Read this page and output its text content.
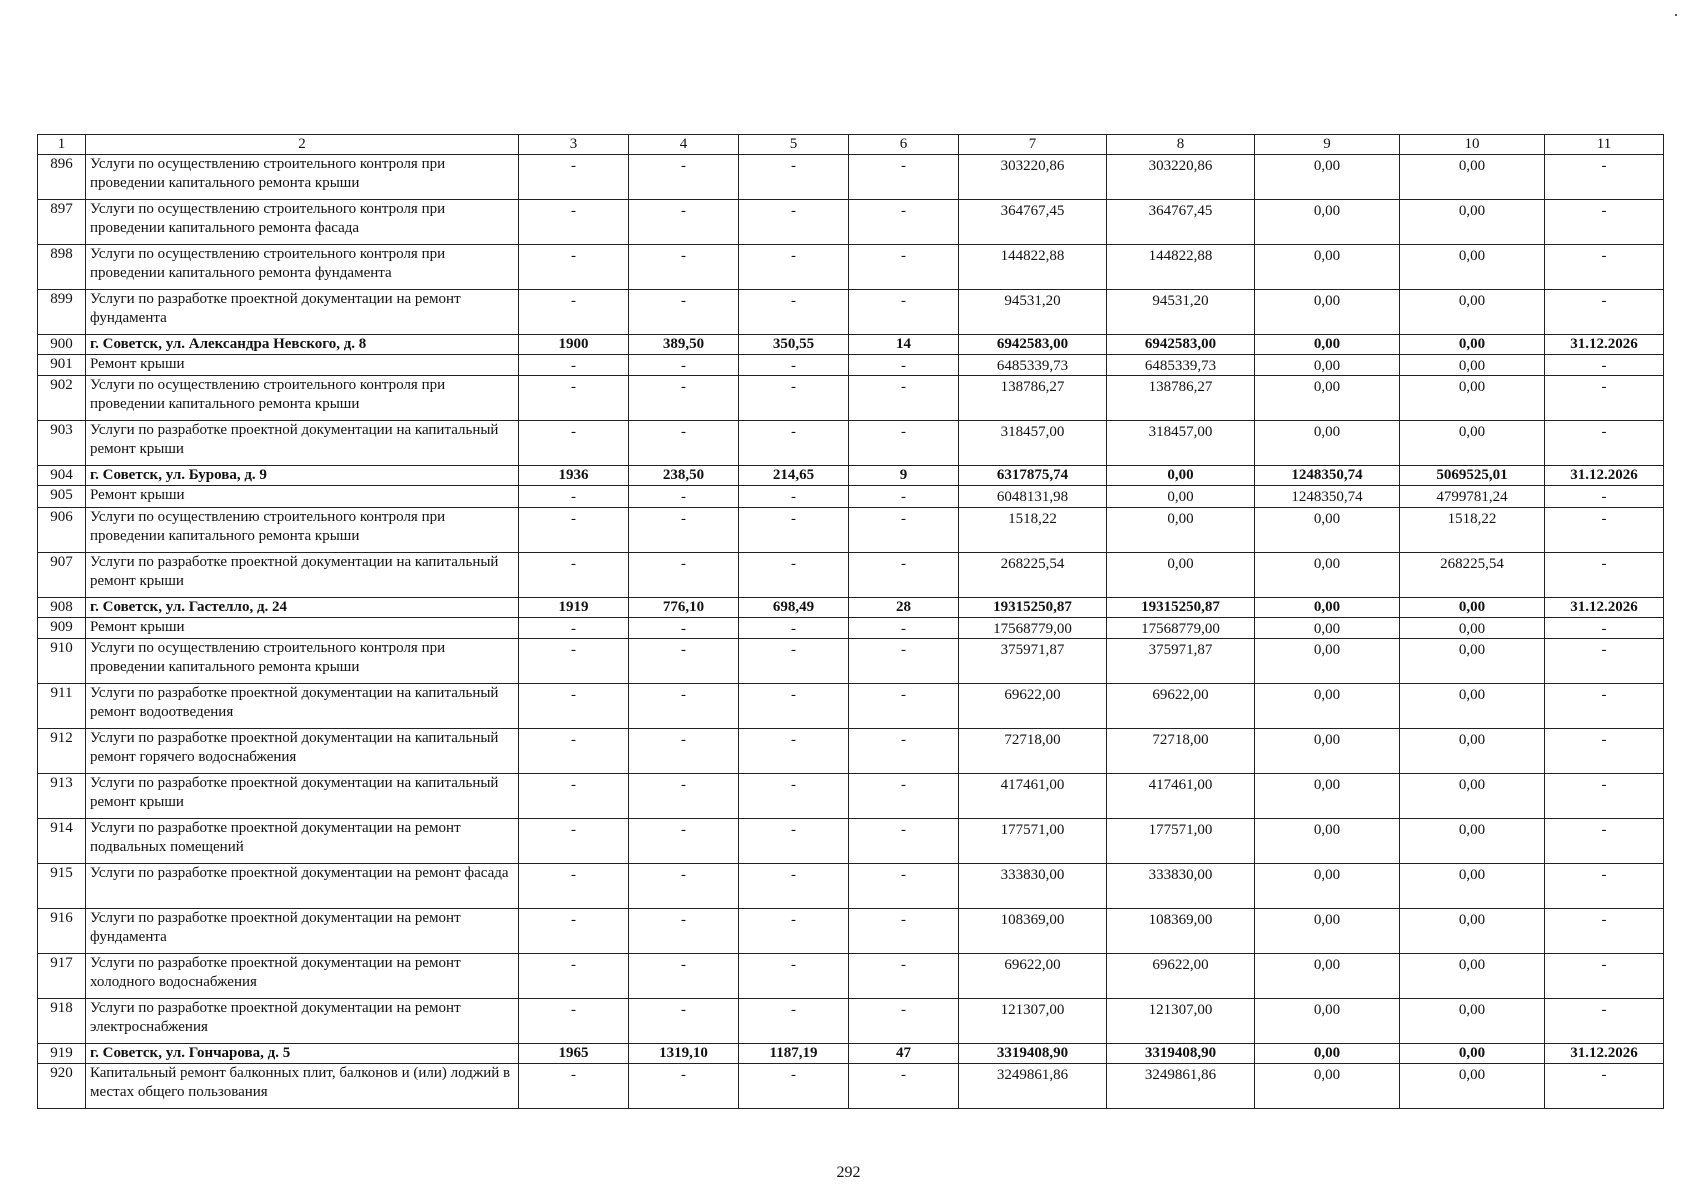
1	2	3	4	5	6	7	8	9	10	11
896	Услуги по осуществлению строительного контроля при проведении капитального ремонта крыши	-	-	-	-	303220,86	303220,86	0,00	0,00	-
897	Услуги по осуществлению строительного контроля при проведении капитального ремонта фасада	-	-	-	-	364767,45	364767,45	0,00	0,00	-
898	Услуги по осуществлению строительного контроля при проведении капитального ремонта фундамента	-	-	-	-	144822,88	144822,88	0,00	0,00	-
899	Услуги по разработке проектной документации на ремонт фундамента	-	-	-	-	94531,20	94531,20	0,00	0,00	-
900	г. Советск, ул. Александра Невского, д. 8	1900	389,50	350,55	14	6942583,00	6942583,00	0,00	0,00	31.12.2026
901	Ремонт крыши	-	-	-	-	6485339,73	6485339,73	0,00	0,00	-
902	Услуги по осуществлению строительного контроля при проведении капитального ремонта крыши	-	-	-	-	138786,27	138786,27	0,00	0,00	-
903	Услуги по разработке проектной документации на капитальный ремонт крыши	-	-	-	-	318457,00	318457,00	0,00	0,00	-
904	г. Советск, ул. Бурова, д. 9	1936	238,50	214,65	9	6317875,74	0,00	1248350,74	5069525,01	31.12.2026
905	Ремонт крыши	-	-	-	-	6048131,98	0,00	1248350,74	4799781,24	-
906	Услуги по осуществлению строительного контроля при проведении капитального ремонта крыши	-	-	-	-	1518,22	0,00	0,00	1518,22	-
907	Услуги по разработке проектной документации на капитальный ремонт крыши	-	-	-	-	268225,54	0,00	0,00	268225,54	-
908	г. Советск, ул. Гастелло, д. 24	1919	776,10	698,49	28	19315250,87	19315250,87	0,00	0,00	31.12.2026
909	Ремонт крыши	-	-	-	-	17568779,00	17568779,00	0,00	0,00	-
910	Услуги по осуществлению строительного контроля при проведении капитального ремонта крыши	-	-	-	-	375971,87	375971,87	0,00	0,00	-
911	Услуги по разработке проектной документации на капитальный ремонт водоотведения	-	-	-	-	69622,00	69622,00	0,00	0,00	-
912	Услуги по разработке проектной документации на капитальный ремонт горячего водоснабжения	-	-	-	-	72718,00	72718,00	0,00	0,00	-
913	Услуги по разработке проектной документации на капитальный ремонт крыши	-	-	-	-	417461,00	417461,00	0,00	0,00	-
914	Услуги по разработке проектной документации на ремонт подвальных помещений	-	-	-	-	177571,00	177571,00	0,00	0,00	-
915	Услуги по разработке проектной документации на ремонт фасада	-	-	-	-	333830,00	333830,00	0,00	0,00	-
916	Услуги по разработке проектной документации на ремонт фундамента	-	-	-	-	108369,00	108369,00	0,00	0,00	-
917	Услуги по разработке проектной документации на ремонт холодного водоснабжения	-	-	-	-	69622,00	69622,00	0,00	0,00	-
918	Услуги по разработке проектной документации на ремонт электроснабжения	-	-	-	-	121307,00	121307,00	0,00	0,00	-
919	г. Советск, ул. Гончарова, д. 5	1965	1319,10	1187,19	47	3319408,90	3319408,90	0,00	0,00	31.12.2026
920	Капитальный ремонт балконных плит, балконов и (или) лоджий в местах общего пользования	-	-	-	-	3249861,86	3249861,86	0,00	0,00	-
292
